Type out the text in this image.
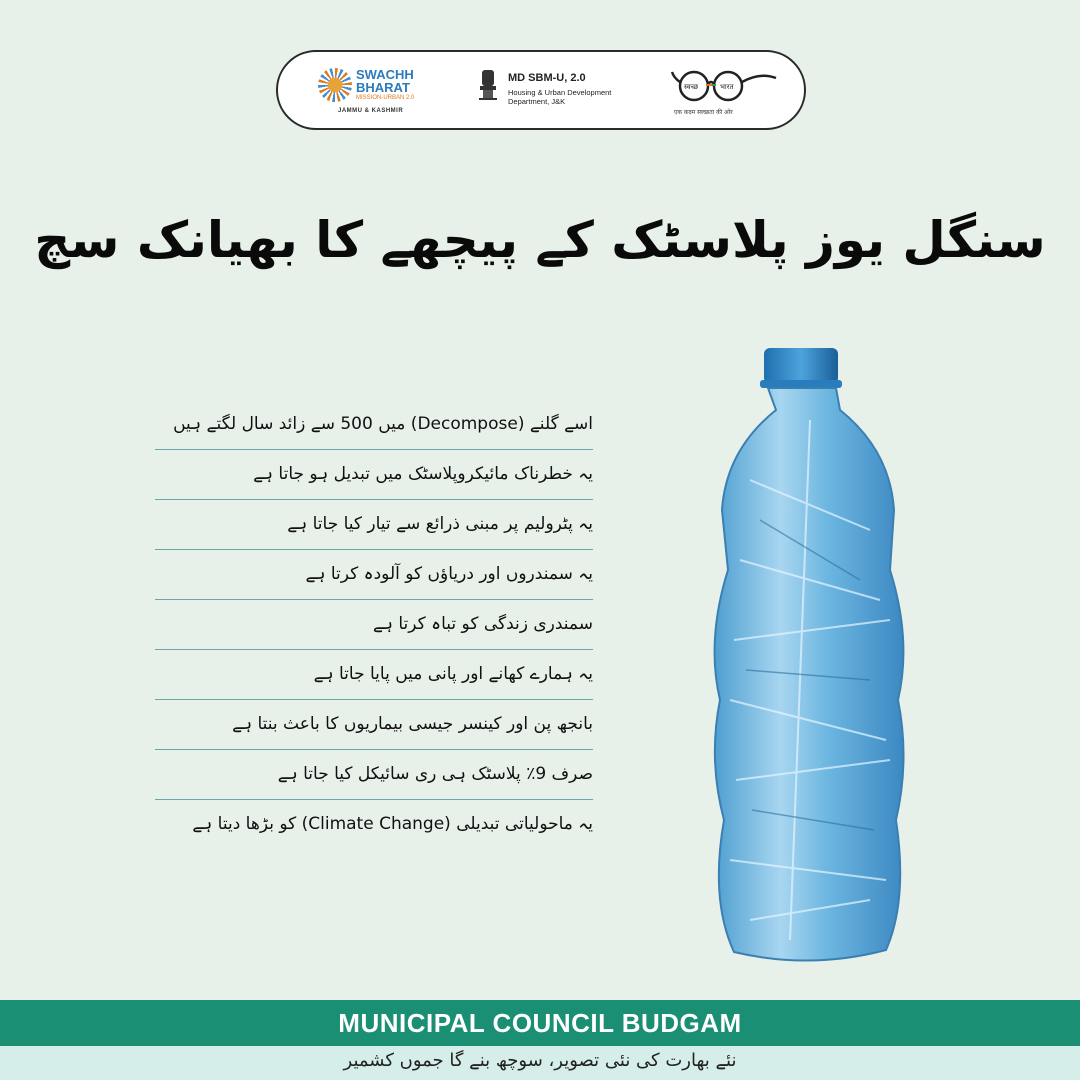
SWACHH
BHARAT
MISSION-URBAN 2.0
JAMMU & KASHMIR
MD SBM-U, 2.0
Housing & Urban Development Department, J&K
स्वच्छ	भारत
एक कदम स्वच्छता की ओर
سنگل یوز پلاسٹک کے پیچھے کا بھیانک سچ
اسے گلنے (Decompose) میں 500 سے زائد سال لگتے ہیں
یہ خطرناک مائیکروپلاسٹک میں تبدیل ہو جاتا ہے
یہ پٹرولیم پر مبنی ذرائع سے تیار کیا جاتا ہے
یہ سمندروں اور دریاؤں کو آلودہ کرتا ہے
سمندری زندگی کو تباہ کرتا ہے
یہ ہمارے کھانے اور پانی میں پایا جاتا ہے
بانجھ پن اور کینسر جیسی بیماریوں کا باعث بنتا ہے
صرف 9٪ پلاسٹک ہی ری سائیکل کیا جاتا ہے
یہ ماحولیاتی تبدیلی (Climate Change) کو بڑھا دیتا ہے
MUNICIPAL COUNCIL BUDGAM
نئے بھارت کی نئی تصویر، سوچھ بنے گا جموں کشمیر
